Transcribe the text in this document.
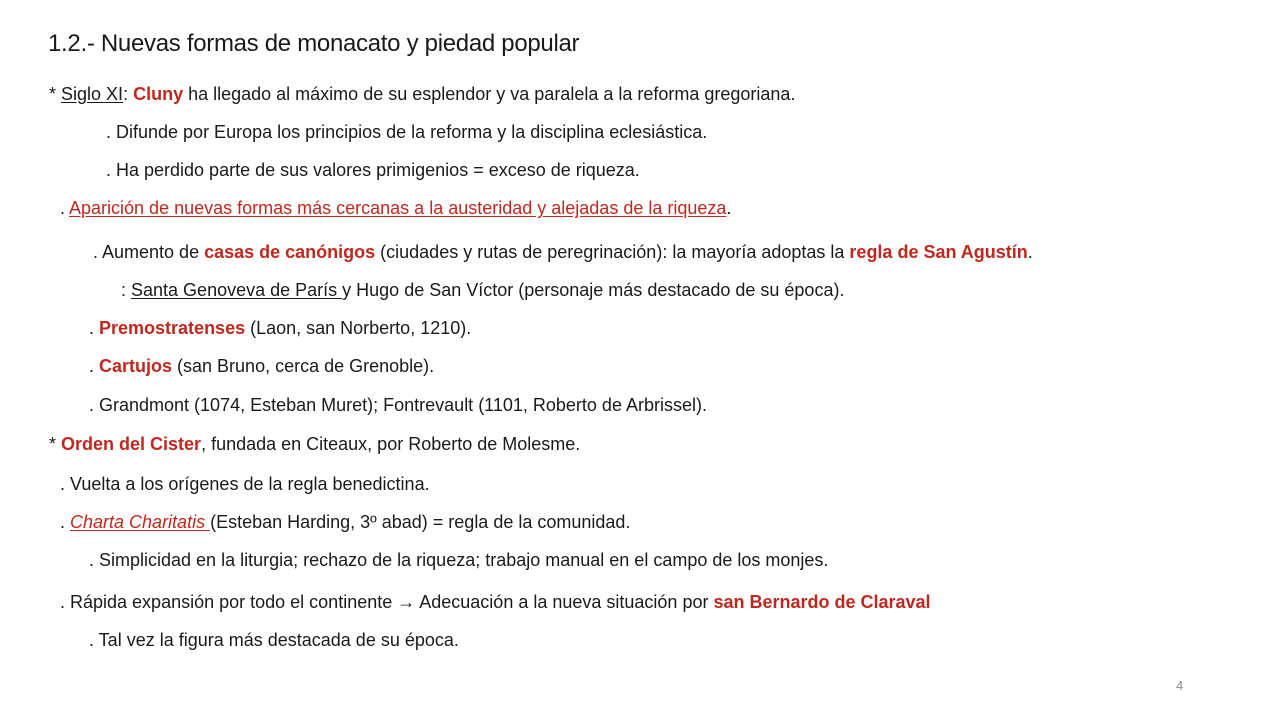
1.2.- Nuevas formas de monacato y piedad popular
* Siglo XI: Cluny ha llegado al máximo de su esplendor y va paralela a la reforma gregoriana.
. Difunde por Europa los principios de la reforma y la disciplina eclesiástica.
. Ha perdido parte de sus valores primigenios = exceso de riqueza.
. Aparición de nuevas formas más cercanas a la austeridad y alejadas de la riqueza.
. Aumento de casas de canónigos (ciudades y rutas de peregrinación): la mayoría adoptas la regla de San Agustín.
: Santa Genoveva de París y Hugo de San Víctor (personaje más destacado de su época).
. Premostratenses (Laon, san Norberto, 1210).
. Cartujos (san Bruno, cerca de Grenoble).
. Grandmont (1074, Esteban Muret); Fontrevault (1101, Roberto de Arbrissel).
* Orden del Cister, fundada en Citeaux, por Roberto de Molesme.
. Vuelta a los orígenes de la regla benedictina.
. Charta Charitatis (Esteban Harding, 3º abad) = regla de la comunidad.
. Simplicidad en la liturgia; rechazo de la riqueza; trabajo manual en el campo de los monjes.
. Rápida expansión por todo el continente → Adecuación a la nueva situación por san Bernardo de Claraval
. Tal vez la figura más destacada de su época.
4
